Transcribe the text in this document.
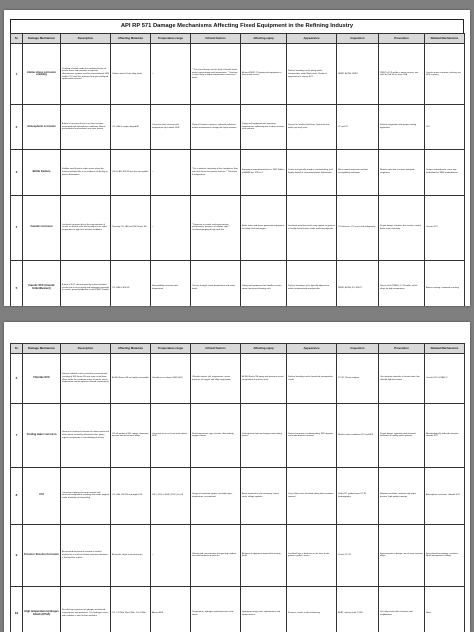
API RP 571 Damage Mechanisms Affecting Fixed Equipment in the Refining Industry
Sr.	Damage Mechanism	Description	Affecting Materials	Temperature range	Critical Factors	Affecting equip	Appearance	Inspection	Prevention	Related Mechanisms
1	Amine stress corrosion cracking	Cracking of steels under the combined action of tensile stress and corrosion in aqueous alkanolamine systems used to remove/absorb H2S and/or CO2 and their mixtures from gas and liquid hydrocarbon streams	Carbon steels & Low alloy steels	--	* The critical factors are the level of tensile stress, amine concentration and temperature. * Cracking is more likely at higher temperatures and stress levels	All non-PWHT CS piping and equipment in lean amine service	Surface breaking cracks along welds; Intergranular, oxide filled cracks. Similar in appearance to caustic SCC	WFMT, ACFM, SWUT	PWHT all CS welds in amine service; use solid or clad SS or other CRA	Caustic stress corrosion cracking, wet H2S cracking
2	Atmospheric corrosion	A form of corrosion that occurs from moisture associated with atmospheric conditions. Marine and industrial environments are more severe	CS, LAS & copper alloyed Al	Corrosion rates increase with temperature up to about 250F	Physical location, moisture, industrial pollutants, marine environments, design that traps moisture	Piping and equipment with operating temperatures sufficiently low to allow moisture to be present	General or localized wall loss; Distinctive iron oxide (red rust) scale	VT and UT	Surface preparation and proper coating application	CUI
3	Brittle fracture	Sudden rapid fracture under stress where the material exhibits little or no evidence of ductility or plastic deformation	CS & LAS; 400 SS are also susceptible	--	* For a material containing a flaw, toughness, flaw size and stress level govern fracture. * Thickness & temperature	Equipment manufactured prior to 1987 Edition of ASME Sec VIII Div 1	Cracks are typically straight, non-branching, and largely devoid of associated plastic deformation	Not a normal inspection method; susceptibility evaluation	Material selection to ensure adequate toughness	Temper embrittlement, strain age embrittlement, 885F embrittlement
4	Caustic corrosion	Localized corrosion due to the concentration of caustic or alkaline salts that usually occurs under evaporative or high heat transfer conditions	Primarily CS, LAS and 300 Series SS	--	* Exposure to caustic and concentration mechanisms; presence of alkaline salts. * Localized gouging at high heat flux	Boiler water and steam generation equipment including heat exchangers	Localized metal loss which may appear as grooves or locally thinned areas under insulating deposits	UT thickness; UT scans and radiography	Proper design, minimize free caustic, control boiler water chemistry	Caustic SCC
5	Caustic SCC (Caustic Embrittlement)	A form of SCC characterized by surface-initiated cracks that occur in piping and equipment exposed to caustic, primarily adjacent to non-PWHT'd welds	CS, LAS & 300 SS	Susceptibility increases with temperature	Caustic strength, metal temperature and stress levels	Piping and equipment that handles caustic; steam tracing and heating coils	Surface breaking cracks typically adjacent to welds; predominantly intergranular	WFMT, ACFM, ET, SWUT	Stress relief (PWHT) of CS welds; nickel alloys for high temperature	Amine cracking; carbonate cracking
Sr.	Damage Mechanism	Description	Affecting Materials	Temperature range	Critical Factors	Affecting equip	Appearance	Inspection	Prevention	Related Mechanisms
6	Chloride SCC	Surface initiated cracks caused by environmental cracking of 300 Series SS and some nickel base alloys under the combined action of tensile stress, temperature and an aqueous chloride environment	All 300 Series SS are highly susceptible	Usually occurs above 140F (60C)	Chloride content, pH, temperature, stress, presence of oxygen and alloy composition	All 300 Series SS piping and pressure vessel components in process units	Surface breaking cracks; branched transgranular cracks	PT, ET, Phase analysis	Use resistant materials of construction; low chloride hydrotest water	Caustic SCC & PASCC
7	Cooling water corrosion	General or localized corrosion of carbon steels and other metals caused by dissolved salts, gases, organic compounds or microbiological activity	CS, all grades of SS, copper, aluminum, titanium and nickel base alloys	Corrosion occurs in fresh water above 140F	Fluid temperature, type of water, flow velocity, oxygen content	Cooling water heat exchangers and cooling towers	General corrosion, localized pitting, MIC deposits and under-deposit corrosion	Monitor water conditions; EC and IRIS	Proper design, operation and chemical treatment of cooling water systems	Microbiologically induced corrosion, chloride SCC
8	CUI	Corrosion of piping, pressure vessels and structural components resulting from water trapped under insulation or fireproofing	CS, LAS, 300 SS and duplex SS	10F (-12C) to 350F (175C) for CS	Design of insulation system, insulation type, temperature, environment	Areas exposed to mist overspray, steam vents, deluge systems	Loose flaky scale; localized pitting after insulation removal	Profile RT, guided wave UT, IR thermography	Maintain insulation, sealants and vapor barriers; high quality coatings	Atmospheric corrosion, chloride SCC
9	Erosion / Erosion-Corrosion	Accelerated mechanical removal of surface material as a result of relative movement between a fluid and the surface	All metals, alloys and refractories	--	Velocity and concentration of impacting medium, size and hardness of particles	All types of equipment exposed to moving fluids	Localized loss in thickness in the form of pits, grooves, gullies, waves	Visual, UT, RT	Improvements in design; use of more resistant alloys	Specialized terminology: cavitation, liquid impingement, fretting
10	High temperature Hydrogen Attack (HTHA)	Results from exposure to hydrogen at elevated temperatures and pressures. The hydrogen reacts with carbides in steel to form methane	CS, C-0.5Mo, Mn-0.5Mo, 1Cr-0.5Mo	Above 400F	Temperature, hydrogen partial pressure, time, stress	Hydroprocessing units; hydrotreaters and hydrocrackers	Fissures, cracks, surface blistering	AUBT, velocity ratio, TOFD	Use alloy steels with chromium and molybdenum	None
